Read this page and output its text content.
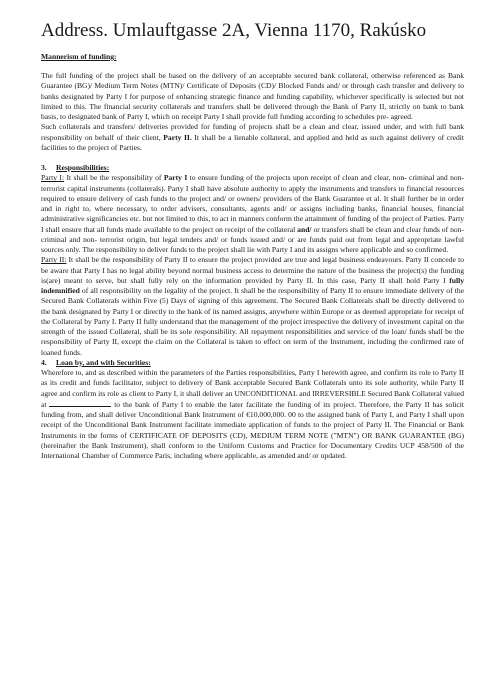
Address. Umlauftgasse 2A, Vienna 1170, Rakúsko
Mannerism of funding:

The full funding of the project shall be based on the delivery of an acceptable secured bank collateral, otherwise referenced as Bank Guarantee (BG)/ Medium Term Notes (MTN)/ Certificate of Deposits (CD)/ Blocked Funds and/ or through cash transfer and delivery to banks designated by Party I for purpose of enhancing strategic finance and funding capability, whichever specifically is selected but not limited to this. The financial security collaterals and transfers shall be delivered through the Bank of Party II, strictly on bank to bank basis, to designated bank of Party I, which on receipt Party I shall provide full funding according to schedules pre- agreed.

Such collaterals and transfers/ deliveries provided for funding of projects shall be a clean and clear, issued under, and with full bank responsibility on behalf of their client, Party II. It shall be a lienable collateral, and applied and held as such against delivery of credit facilities to the project of Parties.

3. Responsibilities:

Party I: It shall be the responsibility of Party I to ensure funding of the projects upon receipt of clean and clear, non- criminal and non- terrorist capital instruments (collaterals). Party I shall have absolute authority to apply the instruments and transfers to financial resources required to ensure delivery of cash funds to the project and/ or owners/ providers of the Bank Guarantee et al. It shall further be in order and in right to, where necessary, to order advisers, consultants, agents and/ or assigns including banks, financial houses, financial administrative significancies etc. but not limited to this, to act in manners conform the attainment of funding of the project of Parties. Party I shall ensure that all funds made available to the project on receipt of the collateral and/ or transfers shall be clean and clear funds of non- criminal and non- terrorist origin, but legal tenders and/ or funds issued and/ or are funds paid out from legal and appropriate lawful sources only. The responsibility to deliver funds to the project shall lie with Party I and its assigns where applicable and so confirmed.

Party II: It shall be the responsibility of Party II to ensure the project provided are true and legal business endeavours. Party II concede to be aware that Party I has no legal ability beyond normal business access to determine the nature of the business the project(s) the funding is(are) meant to serve, but shall fully rely on the information provided by Party II. In this case, Party II shall hold Party I fully indemnified of all responsibility on the legality of the project. It shall be the responsibility of Party II to ensure immediate delivery of the Secured Bank Collaterals within Five (5) Days of signing of this agreement. The Secured Bank Collaterals shall be directly delivered to the bank designated by Party I or directly to the bank of its named assigns, anywhere within Europe or as deemed appropriate for receipt of the Collateral by Party I. Party II fully understand that the management of the project irrespective the delivery of investment capital on the strength of the issued Collateral, shall be its sole responsibility. All repayment responsibilities and service of the loan/ funds shall be the responsibility of Party II, except the claim on the Collateral is taken to effect on term of the Instrument, including the confirmed rate of loaned funds.

4. Loan by, and with Securities:

Wherefore to, and as described within the parameters of the Parties responsibilities, Party I herewith agree, and confirm its role to Party II as its credit and funds facilitator, subject to delivery of Bank acceptable Secured Bank Collaterals unto its sole authority, while Party II agree and confirm its role as client to Party I, it shall deliver an UNCONDITIONAL and IRREVERSIBLE Secured Bank Collateral valued at	to the bank of Party I to enable the later facilitate the funding of its project. Therefore, the Party II has solicit funding from, and shall deliver Unconditional Bank Instrument of €10,000,000. 00 to the assigned bank of Party I, and Party I shall upon receipt of the Unconditional Bank Instrument facilitate immediate application of funds to the project of Party II. The Financial or Bank Instruments in the forms of CERTIFICATE OF DEPOSITS (CD), MEDIUM TERM NOTE ("MTN") OR BANK GUARANTEE (BG) (hereinafter the Bank Instrument), shall conform to the Uniform Customs and Practice for Documentary Credits UCP 458/500 of the International Chamber of Commerce Paris, including where applicable, as amended and/ or updated.
